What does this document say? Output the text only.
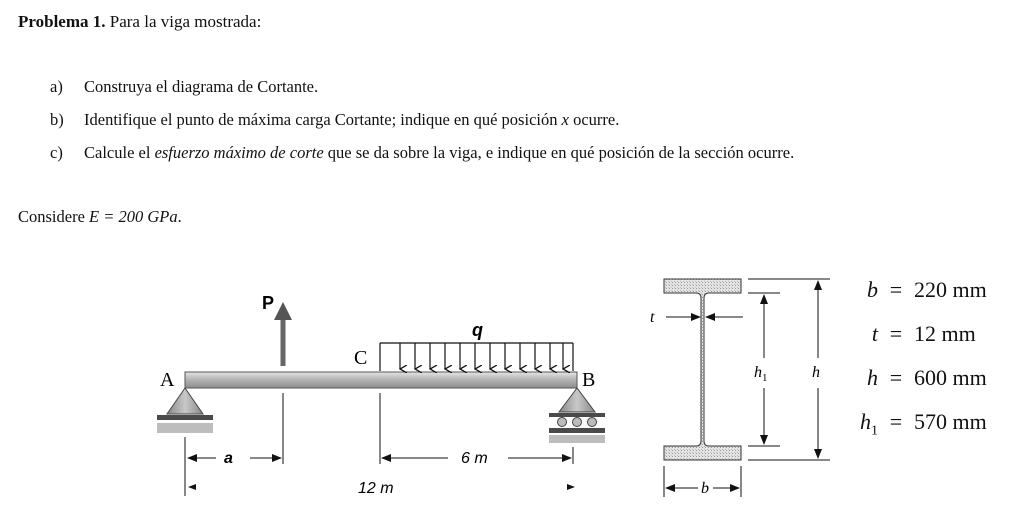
Problema 1. Para la viga mostrada:
a) Construya el diagrama de Cortante.
b) Identifique el punto de máxima carga Cortante; indique en qué posición x ocurre.
c) Calcule el esfuerzo máximo de corte que se da sobre la viga, e indique en qué posición de la sección ocurre.
Considere E = 200 GPa.
A	B
C
P
q
a	6 m
12 m
t
$h_1$	h
b
b = 220 mm
t = 12 mm
h = 600 mm
$h_1 = 570$ mm
